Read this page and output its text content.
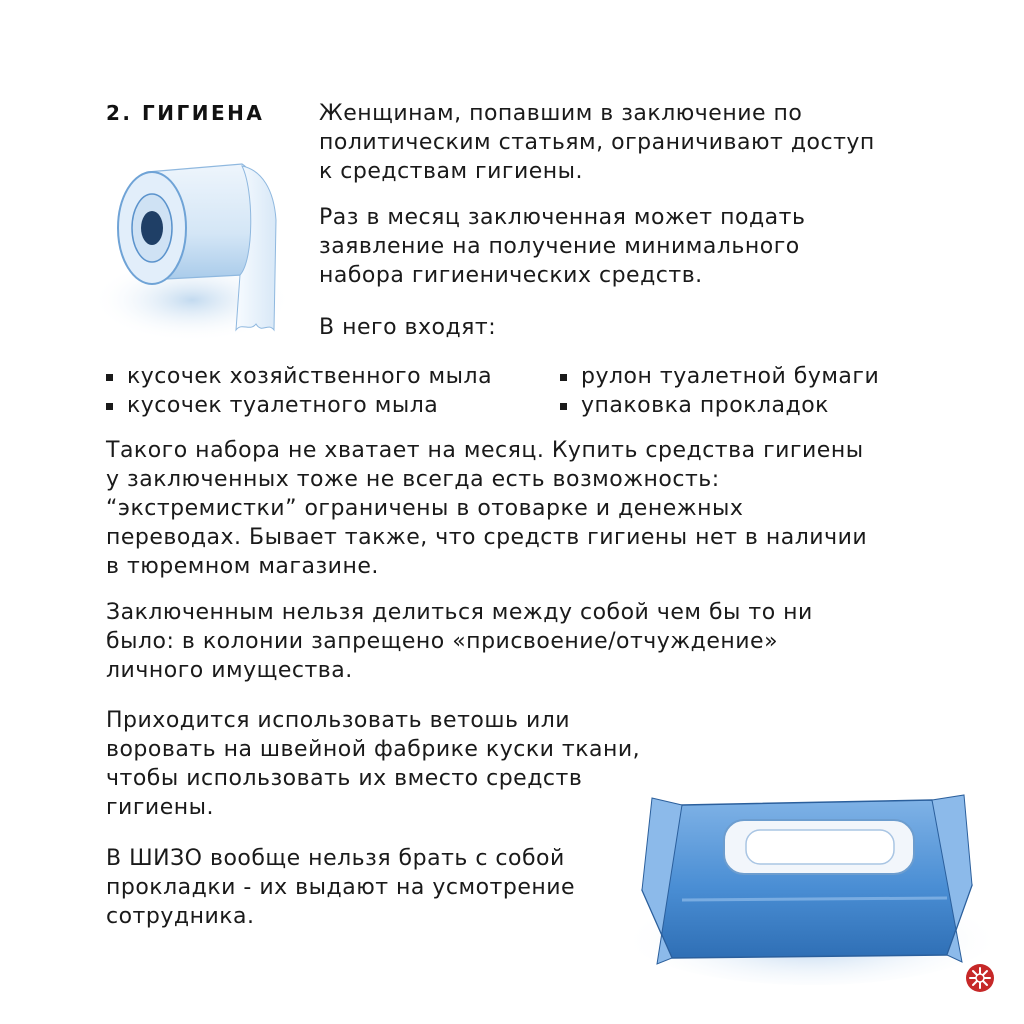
2. ГИГИЕНА Женщинам, попавшим в заключение по
политическим статьям, ограничивают доступ
к средствам гигиены.

Раз в месяц заключенная может подать
заявление на получение минимального
набора гигиенических средств.

В него входят:

кусочек хозяйственного мыла
кусочек туалетного мыла
рулон туалетной бумаги
упаковка прокладок

Такого набора не хватает на месяц. Купить средства гигиены
у заключенных тоже не всегда есть возможность:
“экстремистки” ограничены в отоварке и денежных
переводах. Бывает также, что средств гигиены нет в наличии
в тюремном магазине.

Заключенным нельзя делиться между собой чем бы то ни
было: в колонии запрещено «присвоение/отчуждение»
личного имущества.

Приходится использовать ветошь или
воровать на швейной фабрике куски ткани,
чтобы использовать их вместо средств
гигиены.

В ШИЗО вообще нельзя брать с собой
прокладки - их выдают на усмотрение
сотрудника.
